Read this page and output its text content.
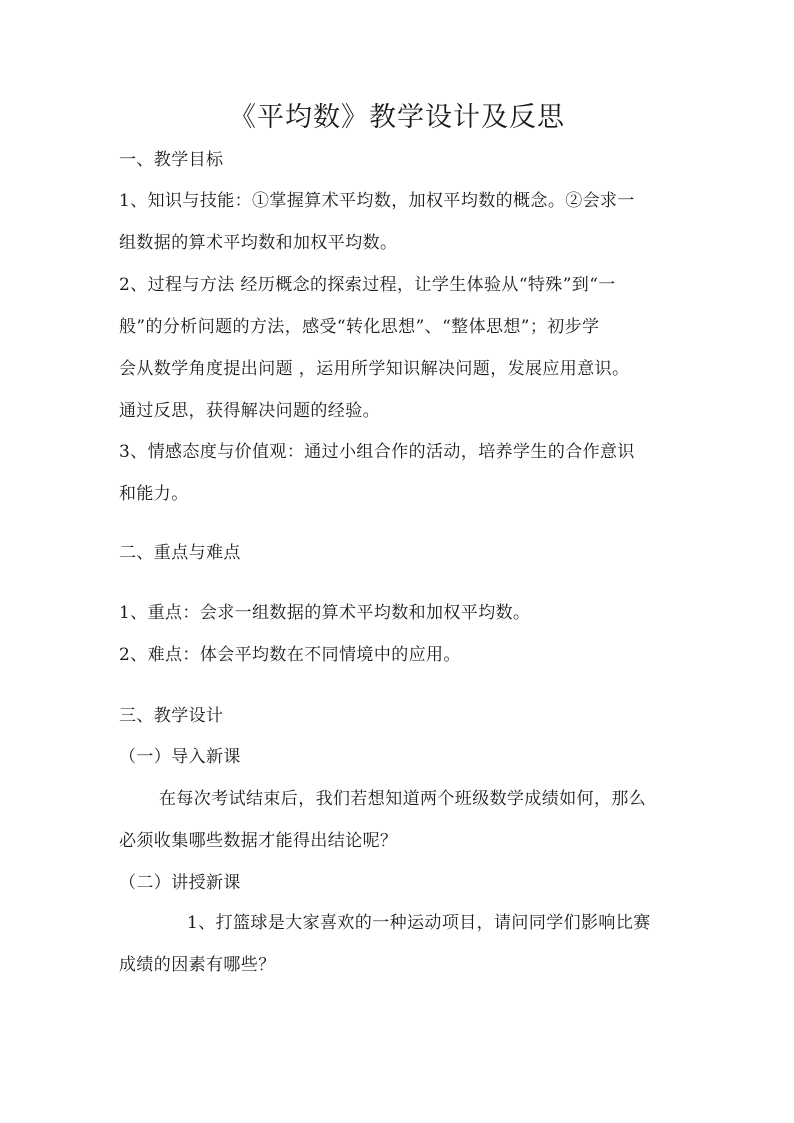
《平均数》教学设计及反思
一、教学目标
1、知识与技能：①掌握算术平均数，加权平均数的概念。②会求一
组数据的算术平均数和加权平均数。
2、过程与方法 经历概念的探索过程，让学生体验从“特殊”到“一
般”的分析问题的方法，感受“转化思想”、“整体思想”；初步学
会从数学角度提出问题 ，运用所学知识解决问题，发展应用意识。
通过反思，获得解决问题的经验。
3、情感态度与价值观：通过小组合作的活动，培养学生的合作意识
和能力。
二、重点与难点
1、重点：会求一组数据的算术平均数和加权平均数。
2、难点：体会平均数在不同情境中的应用。
三、教学设计
（一）导入新课
在每次考试结束后，我们若想知道两个班级数学成绩如何，那么
必须收集哪些数据才能得出结论呢？
（二）讲授新课
1、打篮球是大家喜欢的一种运动项目，请问同学们影响比赛
成绩的因素有哪些？
